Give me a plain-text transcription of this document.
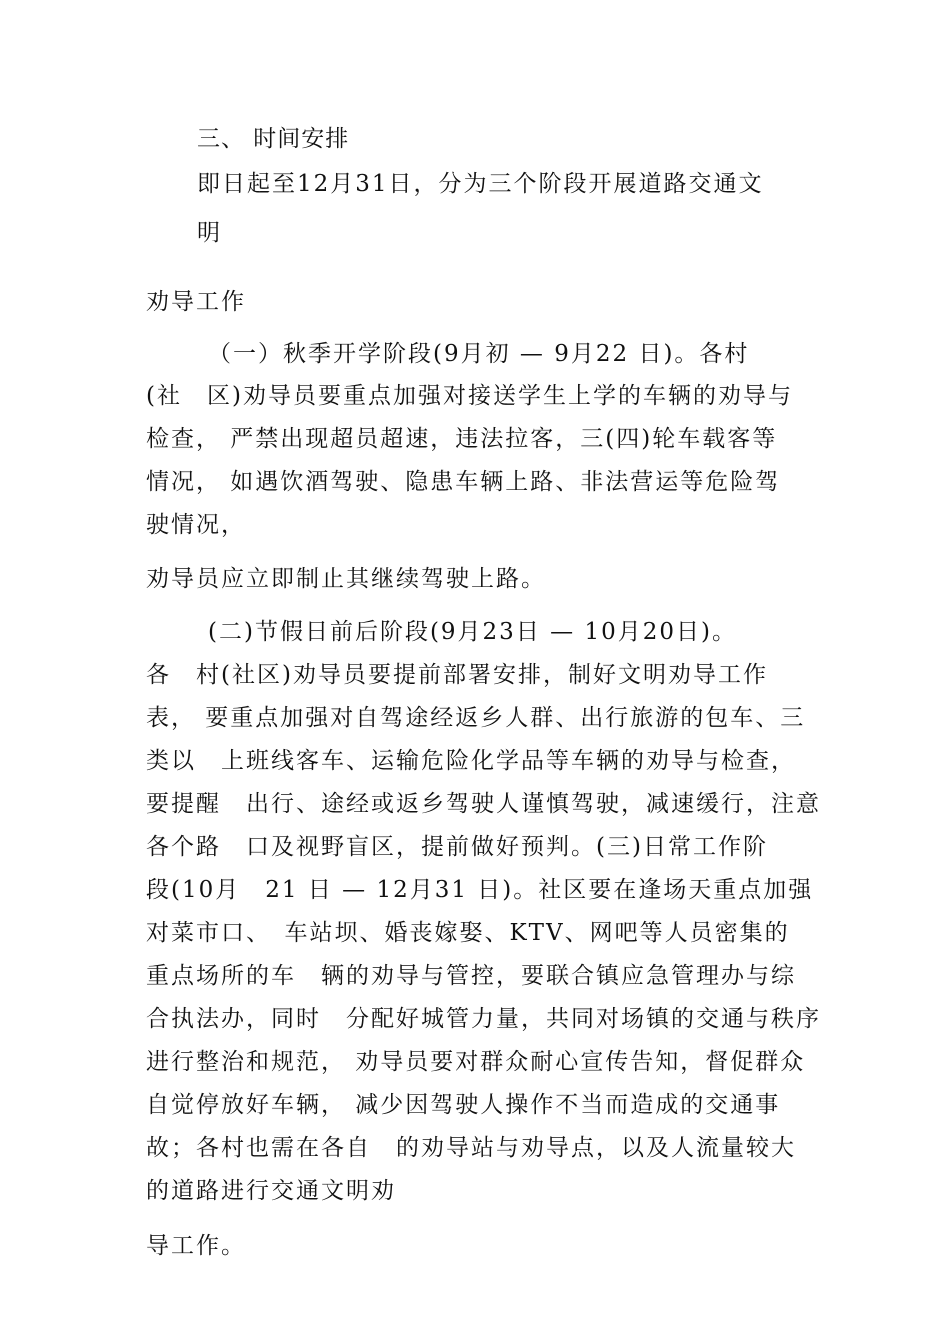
三、 时间安排

即日起至12月31日，分为三个阶段开展道路交通文

明

劝导工作

（一）秋季开学阶段(9月初 — 9月22 日)。各村

(社　区)劝导员要重点加强对接送学生上学的车辆的劝导与

检查， 严禁出现超员超速，违法拉客，三(四)轮车载客等

情况， 如遇饮酒驾驶、隐患车辆上路、非法营运等危险驾

驶情况，

劝导员应立即制止其继续驾驶上路。

(二)节假日前后阶段(9月23日 — 10月20日)。

各　村(社区)劝导员要提前部署安排，制好文明劝导工作

表， 要重点加强对自驾途经返乡人群、出行旅游的包车、三

类以　上班线客车、运输危险化学品等车辆的劝导与检查，

要提醒　出行、途经或返乡驾驶人谨慎驾驶，减速缓行，注意

各个路　口及视野盲区，提前做好预判。(三)日常工作阶

段(10月　21 日 — 12月31 日)。社区要在逢场天重点加强

对菜市口、　车站坝、婚丧嫁娶、KTV、网吧等人员密集的

重点场所的车　辆的劝导与管控，要联合镇应急管理办与综

合执法办，同时　分配好城管力量，共同对场镇的交通与秩序

进行整治和规范， 劝导员要对群众耐心宣传告知，督促群众

自觉停放好车辆， 减少因驾驶人操作不当而造成的交通事

故；各村也需在各自　的劝导站与劝导点，以及人流量较大

的道路进行交通文明劝

导工作。
